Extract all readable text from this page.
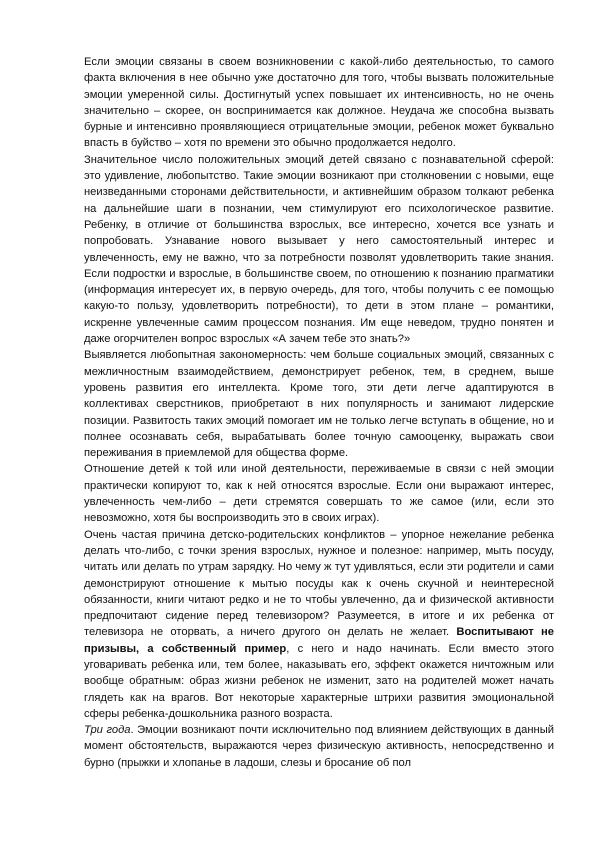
Если эмоции связаны в своем возникновении с какой-либо деятельностью, то самого факта включения в нее обычно уже достаточно для того, чтобы вызвать положительные эмоции умеренной силы. Достигнутый успех повышает их интенсивность, но не очень значительно – скорее, он воспринимается как должное. Неудача же способна вызвать бурные и интенсивно проявляющиеся отрицательные эмоции, ребенок может буквально впасть в буйство – хотя по времени это обычно продолжается недолго.

Значительное число положительных эмоций детей связано с познавательной сферой: это удивление, любопытство. Такие эмоции возникают при столкновении с новыми, еще неизведанными сторонами действительности, и активнейшим образом толкают ребенка на дальнейшие шаги в познании, чем стимулируют его психологическое развитие. Ребенку, в отличие от большинства взрослых, все интересно, хочется все узнать и попробовать. Узнавание нового вызывает у него самостоятельный интерес и увлеченность, ему не важно, что за потребности позволят удовлетворить такие знания. Если подростки и взрослые, в большинстве своем, по отношению к познанию прагматики (информация интересует их, в первую очередь, для того, чтобы получить с ее помощью какую-то пользу, удовлетворить потребности), то дети в этом плане – романтики, искренне увлеченные самим процессом познания. Им еще неведом, трудно понятен и даже огорчителен вопрос взрослых «А зачем тебе это знать?»

Выявляется любопытная закономерность: чем больше социальных эмоций, связанных с межличностным взаимодействием, демонстрирует ребенок, тем, в среднем, выше уровень развития его интеллекта. Кроме того, эти дети легче адаптируются в коллективах сверстников, приобретают в них популярность и занимают лидерские позиции. Развитость таких эмоций помогает им не только легче вступать в общение, но и полнее осознавать себя, вырабатывать более точную самооценку, выражать свои переживания в приемлемой для общества форме.

Отношение детей к той или иной деятельности, переживаемые в связи с ней эмоции практически копируют то, как к ней относятся взрослые. Если они выражают интерес, увлеченность чем-либо – дети стремятся совершать то же самое (или, если это невозможно, хотя бы воспроизводить это в своих играх).

Очень частая причина детско-родительских конфликтов – упорное нежелание ребенка делать что-либо, с точки зрения взрослых, нужное и полезное: например, мыть посуду, читать или делать по утрам зарядку. Но чему ж тут удивляться, если эти родители и сами демонстрируют отношение к мытью посуды как к очень скучной и неинтересной обязанности, книги читают редко и не то чтобы увлеченно, да и физической активности предпочитают сидение перед телевизором? Разумеется, в итоге и их ребенка от телевизора не оторвать, а ничего другого он делать не желает. Воспитывают не призывы, а собственный пример, с него и надо начинать. Если вместо этого уговаривать ребенка или, тем более, наказывать его, эффект окажется ничтожным или вообще обратным: образ жизни ребенок не изменит, зато на родителей может начать глядеть как на врагов. Вот некоторые характерные штрихи развития эмоциональной сферы ребенка-дошкольника разного возраста.

Три года. Эмоции возникают почти исключительно под влиянием действующих в данный момент обстоятельств, выражаются через физическую активность, непосредственно и бурно (прыжки и хлопанье в ладоши, слезы и бросание об пол
